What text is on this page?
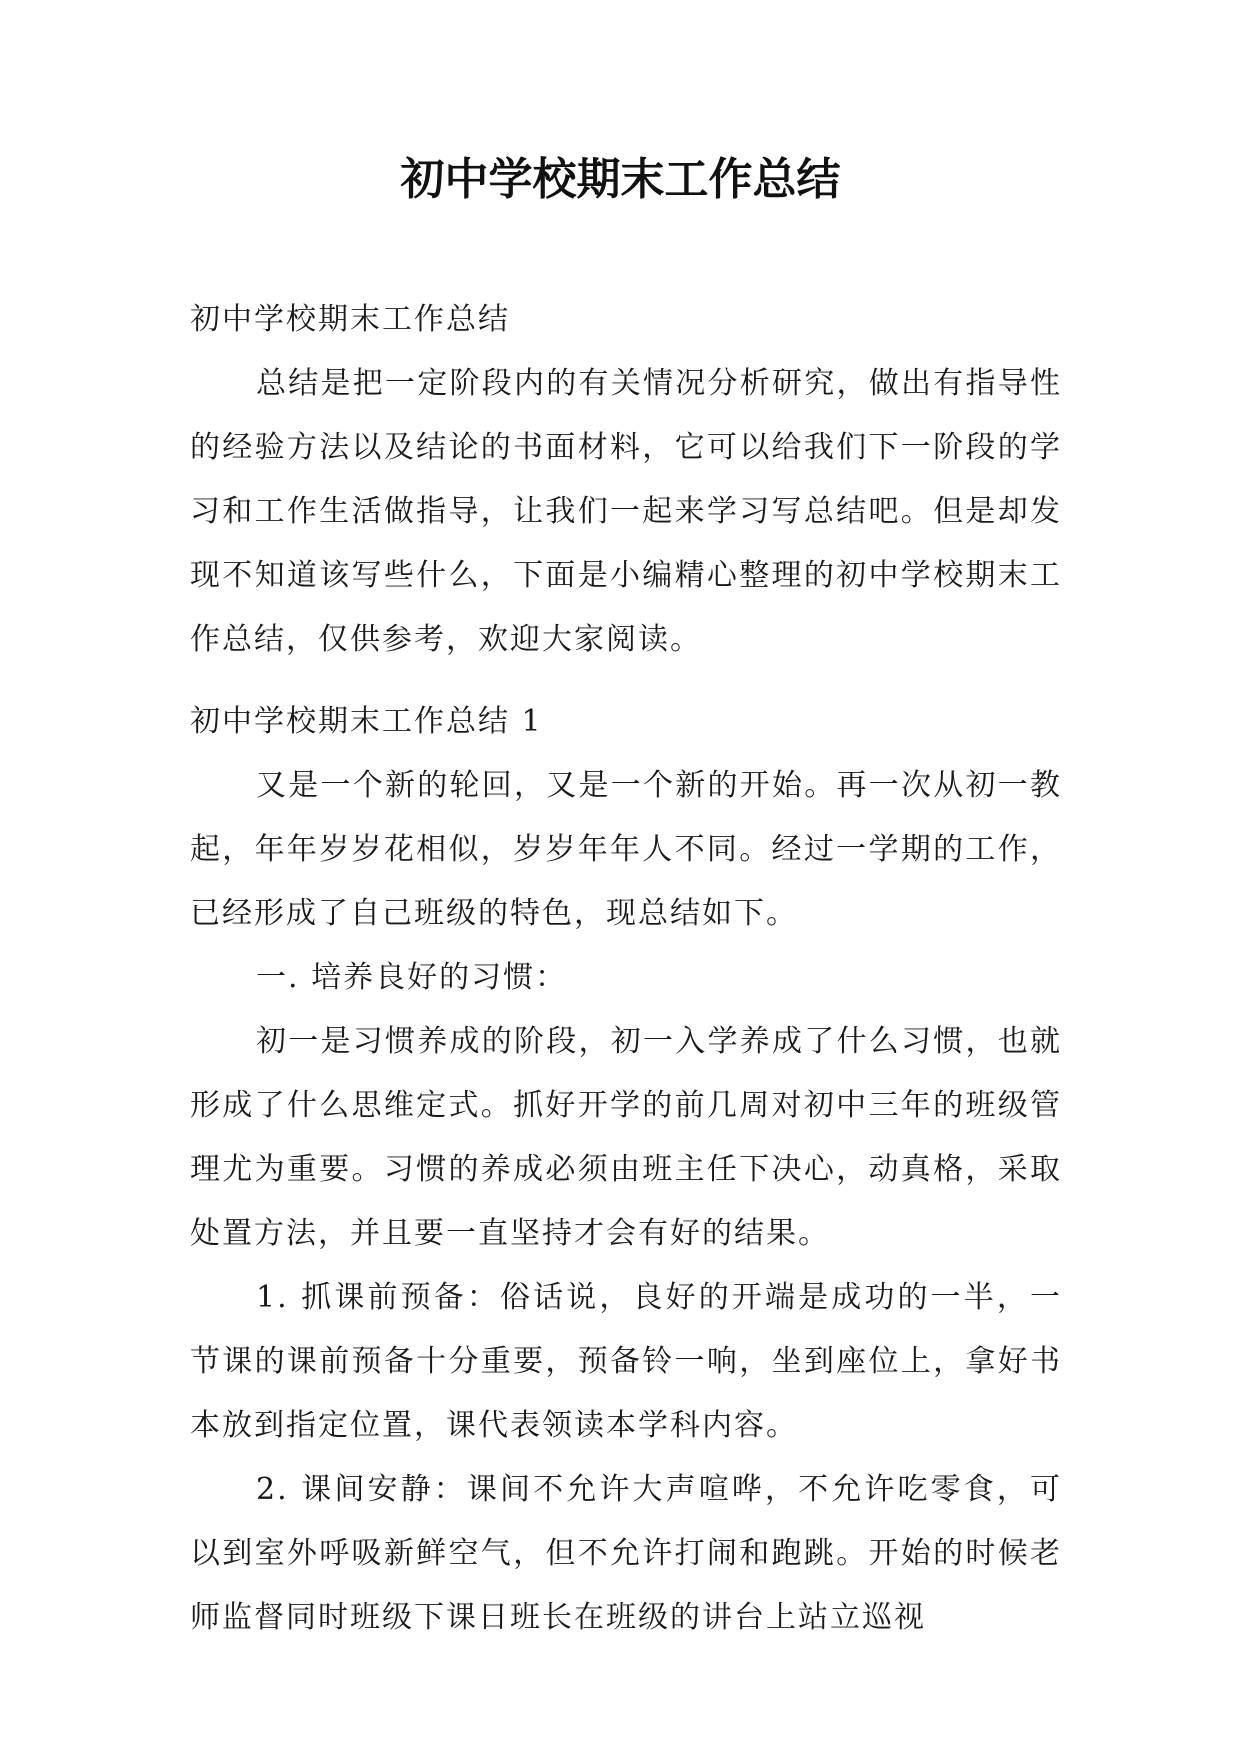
初中学校期末工作总结

初中学校期末工作总结

总结是把一定阶段内的有关情况分析研究，做出有指导性的经验方法以及结论的书面材料，它可以给我们下一阶段的学习和工作生活做指导，让我们一起来学习写总结吧。但是却发现不知道该写些什么，下面是小编精心整理的初中学校期末工作总结，仅供参考，欢迎大家阅读。

初中学校期末工作总结 1

又是一个新的轮回，又是一个新的开始。再一次从初一教起，年年岁岁花相似，岁岁年年人不同。经过一学期的工作，已经形成了自己班级的特色，现总结如下。

一. 培养良好的习惯：

初一是习惯养成的阶段，初一入学养成了什么习惯，也就形成了什么思维定式。抓好开学的前几周对初中三年的班级管理尤为重要。习惯的养成必须由班主任下决心，动真格，采取处置方法，并且要一直坚持才会有好的结果。

1. 抓课前预备：俗话说，良好的开端是成功的一半，一节课的课前预备十分重要，预备铃一响，坐到座位上，拿好书本放到指定位置，课代表领读本学科内容。

2. 课间安静：课间不允许大声喧哗，不允许吃零食，可以到室外呼吸新鲜空气，但不允许打闹和跑跳。开始的时候老师监督同时班级下课日班长在班级的讲台上站立巡视
